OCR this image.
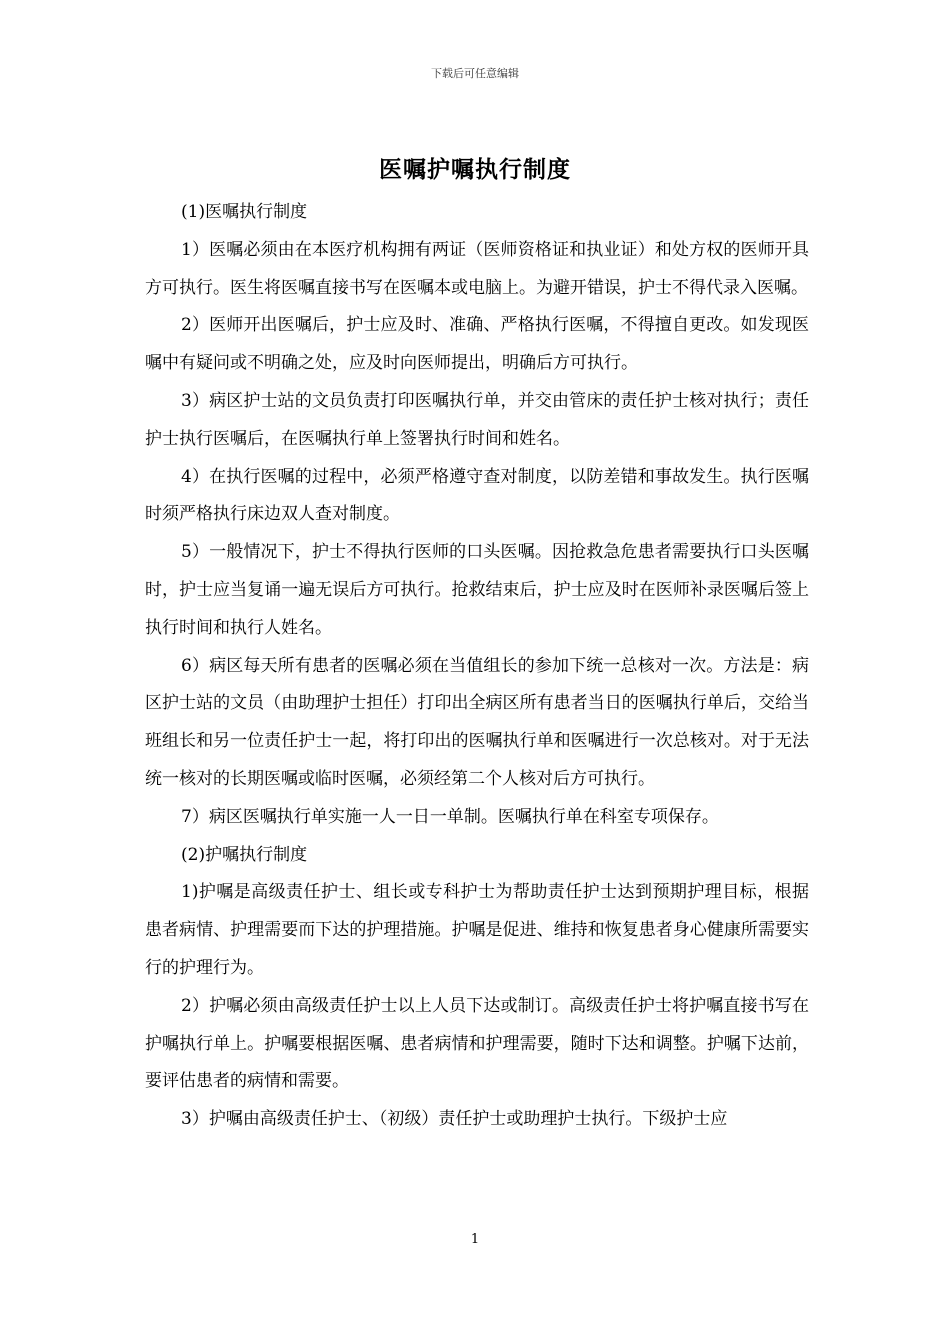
下载后可任意编辑
医嘱护嘱执行制度

(1)医嘱执行制度

1）医嘱必须由在本医疗机构拥有两证（医师资格证和执业证）和处方权的医师开具方可执行。医生将医嘱直接书写在医嘱本或电脑上。为避开错误，护士不得代录入医嘱。

2）医师开出医嘱后，护士应及时、准确、严格执行医嘱，不得擅自更改。如发现医嘱中有疑问或不明确之处，应及时向医师提出，明确后方可执行。

3）病区护士站的文员负责打印医嘱执行单，并交由管床的责任护士核对执行；责任护士执行医嘱后，在医嘱执行单上签署执行时间和姓名。

4）在执行医嘱的过程中，必须严格遵守查对制度，以防差错和事故发生。执行医嘱时须严格执行床边双人查对制度。

5）一般情况下，护士不得执行医师的口头医嘱。因抢救急危患者需要执行口头医嘱时，护士应当复诵一遍无误后方可执行。抢救结束后，护士应及时在医师补录医嘱后签上执行时间和执行人姓名。

6）病区每天所有患者的医嘱必须在当值组长的参加下统一总核对一次。方法是：病区护士站的文员（由助理护士担任）打印出全病区所有患者当日的医嘱执行单后，交给当班组长和另一位责任护士一起，将打印出的医嘱执行单和医嘱进行一次总核对。对于无法统一核对的长期医嘱或临时医嘱，必须经第二个人核对后方可执行。

7）病区医嘱执行单实施一人一日一单制。医嘱执行单在科室专项保存。

(2)护嘱执行制度

1)护嘱是高级责任护士、组长或专科护士为帮助责任护士达到预期护理目标，根据患者病情、护理需要而下达的护理措施。护嘱是促进、维持和恢复患者身心健康所需要实行的护理行为。

2）护嘱必须由高级责任护士以上人员下达或制订。高级责任护士将护嘱直接书写在护嘱执行单上。护嘱要根据医嘱、患者病情和护理需要，随时下达和调整。护嘱下达前，要评估患者的病情和需要。

3）护嘱由高级责任护士、（初级）责任护士或助理护士执行。下级护士应

1
